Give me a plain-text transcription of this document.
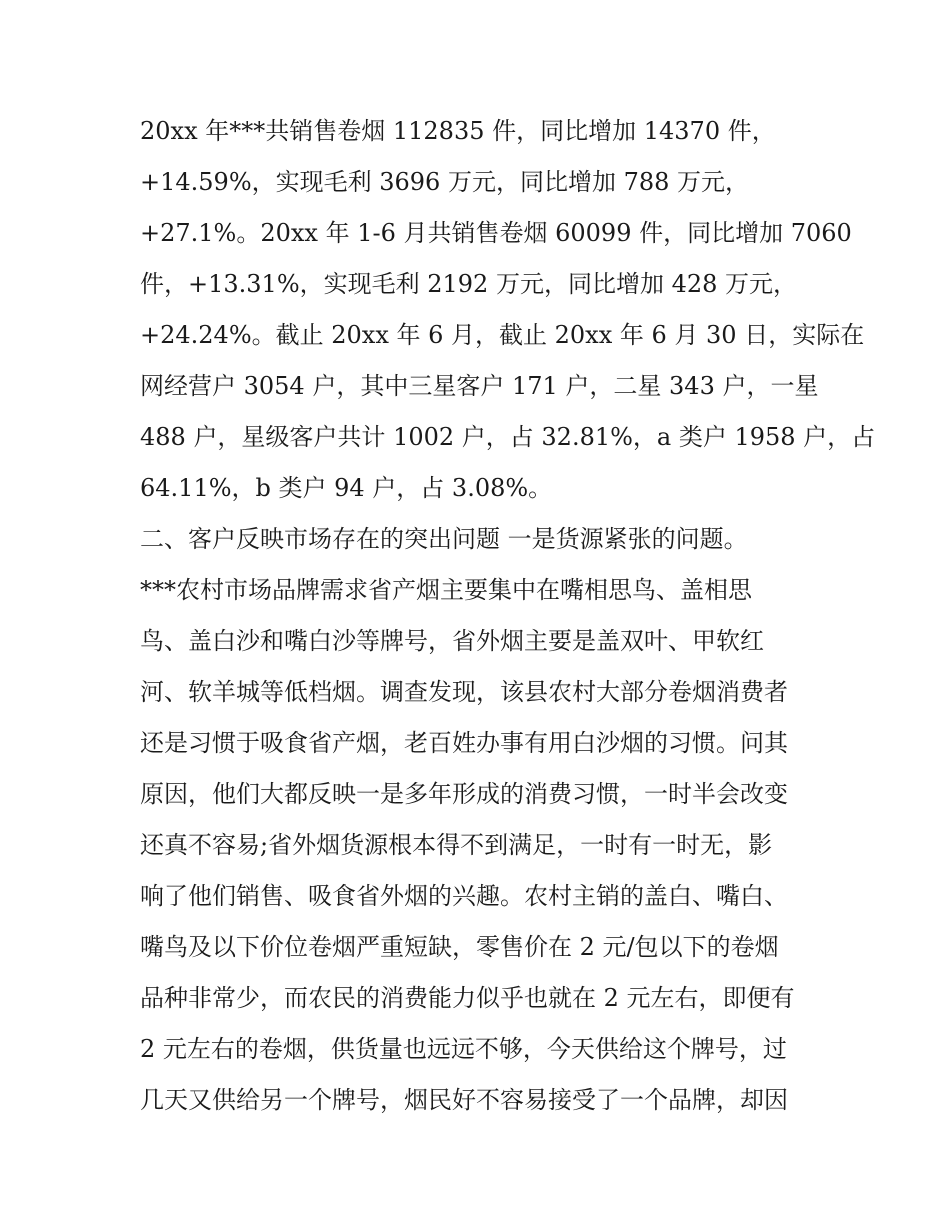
20xx 年***共销售卷烟 112835 件，同比增加 14370 件，
+14.59%，实现毛利 3696 万元，同比增加 788 万元，
+27.1%。20xx 年 1-6 月共销售卷烟 60099 件，同比增加 7060
件，+13.31%，实现毛利 2192 万元，同比增加 428 万元，
+24.24%。截止 20xx 年 6 月，截止 20xx 年 6 月 30 日，实际在
网经营户 3054 户，其中三星客户 171 户，二星 343 户，一星
488 户，星级客户共计 1002 户，占 32.81%，a 类户 1958 户，占
64.11%，b 类户 94 户，占 3.08%。
二、客户反映市场存在的突出问题 一是货源紧张的问题。
***农村市场品牌需求省产烟主要集中在嘴相思鸟、盖相思
鸟、盖白沙和嘴白沙等牌号，省外烟主要是盖双叶、甲软红
河、软羊城等低档烟。调查发现，该县农村大部分卷烟消费者
还是习惯于吸食省产烟，老百姓办事有用白沙烟的习惯。问其
原因，他们大都反映一是多年形成的消费习惯，一时半会改变
还真不容易;省外烟货源根本得不到满足，一时有一时无，影
响了他们销售、吸食省外烟的兴趣。农村主销的盖白、嘴白、
嘴鸟及以下价位卷烟严重短缺，零售价在 2 元/包以下的卷烟
品种非常少，而农民的消费能力似乎也就在 2 元左右，即便有
2 元左右的卷烟，供货量也远远不够，今天供给这个牌号，过
几天又供给另一个牌号，烟民好不容易接受了一个品牌，却因
